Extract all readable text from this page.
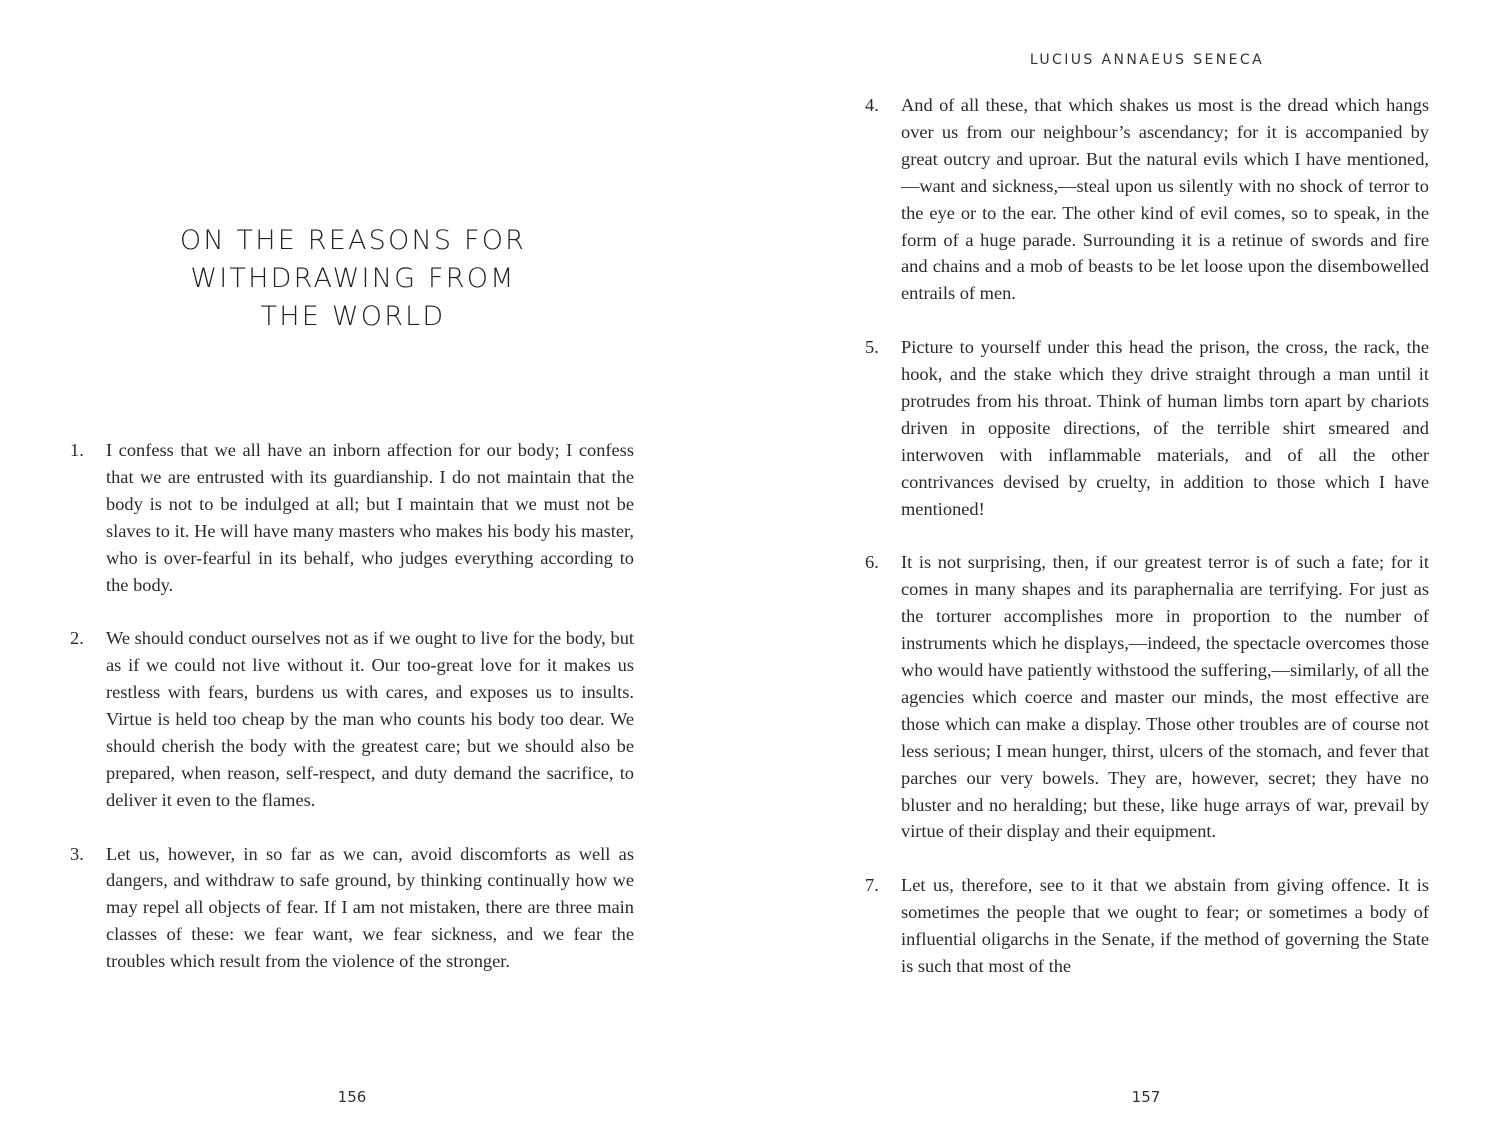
ON THE REASONS FOR
WITHDRAWING FROM
THE WORLD
1.	I confess that we all have an inborn affection for our body; I confess that we are entrusted with its guardianship. I do not maintain that the body is not to be indulged at all; but I maintain that we must not be slaves to it. He will have many masters who makes his body his master, who is over-fearful in its behalf, who judges everything according to the body.
2.	We should conduct ourselves not as if we ought to live for the body, but as if we could not live without it. Our too-great love for it makes us restless with fears, burdens us with cares, and exposes us to insults. Virtue is held too cheap by the man who counts his body too dear. We should cherish the body with the greatest care; but we should also be prepared, when reason, self-respect, and duty demand the sacrifice, to deliver it even to the flames.
3.	Let us, however, in so far as we can, avoid discomforts as well as dangers, and withdraw to safe ground, by thinking continually how we may repel all objects of fear. If I am not mistaken, there are three main classes of these: we fear want, we fear sickness, and we fear the troubles which result from the violence of the stronger.
156
LUCIUS ANNAEUS SENECA
4.	And of all these, that which shakes us most is the dread which hangs over us from our neighbour’s ascendancy; for it is accompanied by great outcry and uproar. But the natural evils which I have mentioned,—want and sickness,—steal upon us silently with no shock of terror to the eye or to the ear. The other kind of evil comes, so to speak, in the form of a huge parade. Surrounding it is a retinue of swords and fire and chains and a mob of beasts to be let loose upon the disembowelled entrails of men.
5.	Picture to yourself under this head the prison, the cross, the rack, the hook, and the stake which they drive straight through a man until it protrudes from his throat. Think of human limbs torn apart by chariots driven in opposite directions, of the terrible shirt smeared and interwoven with inflammable materials, and of all the other contrivances devised by cruelty, in addition to those which I have mentioned!
6.	It is not surprising, then, if our greatest terror is of such a fate; for it comes in many shapes and its paraphernalia are terrifying. For just as the torturer accomplishes more in proportion to the number of instruments which he displays,—indeed, the spectacle overcomes those who would have patiently withstood the suffering,—similarly, of all the agencies which coerce and master our minds, the most effective are those which can make a display. Those other troubles are of course not less serious; I mean hunger, thirst, ulcers of the stomach, and fever that parches our very bowels. They are, however, secret; they have no bluster and no heralding; but these, like huge arrays of war, prevail by virtue of their display and their equipment.
7.	Let us, therefore, see to it that we abstain from giving offence. It is sometimes the people that we ought to fear; or sometimes a body of influential oligarchs in the Senate, if the method of governing the State is such that most of the
157
